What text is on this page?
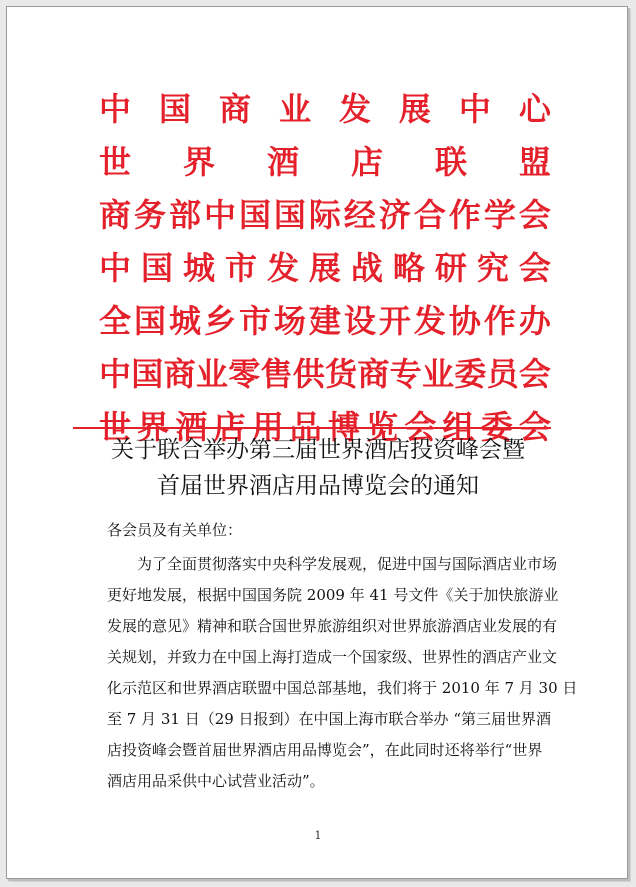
中 国 商 业 发 展 中 心
世 界 酒 店 联 盟
商 务 部 中 国 国 际 经 济 合 作 学 会
中 国 城 市 发 展 战 略 研 究 会
全 国 城 乡 市 场 建 设 开 发 协 作 办
中 国 商 业 零 售 供 货 商 专 业 委 员 会
世 界 酒 店 用 品 博 览 会 组 委 会
关于联合举办第三届世界酒店投资峰会暨
首届世界酒店用品博览会的通知
各会员及有关单位：
为了全面贯彻落实中央科学发展观，促进中国与国际酒店业市场
更好地发展，根据中国国务院 2009 年 41 号文件《关于加快旅游业
发展的意见》精神和联合国世界旅游组织对世界旅游酒店业发展的有
关规划，并致力在中国上海打造成一个国家级、世界性的酒店产业文
化示范区和世界酒店联盟中国总部基地，我们将于 2010 年 7 月 30 日
至 7 月 31 日（29 日报到）在中国上海市联合举办 “第三届世界酒
店投资峰会暨首届世界酒店用品博览会”，在此同时还将举行“世界
酒店用品采供中心试营业活动”。
1
